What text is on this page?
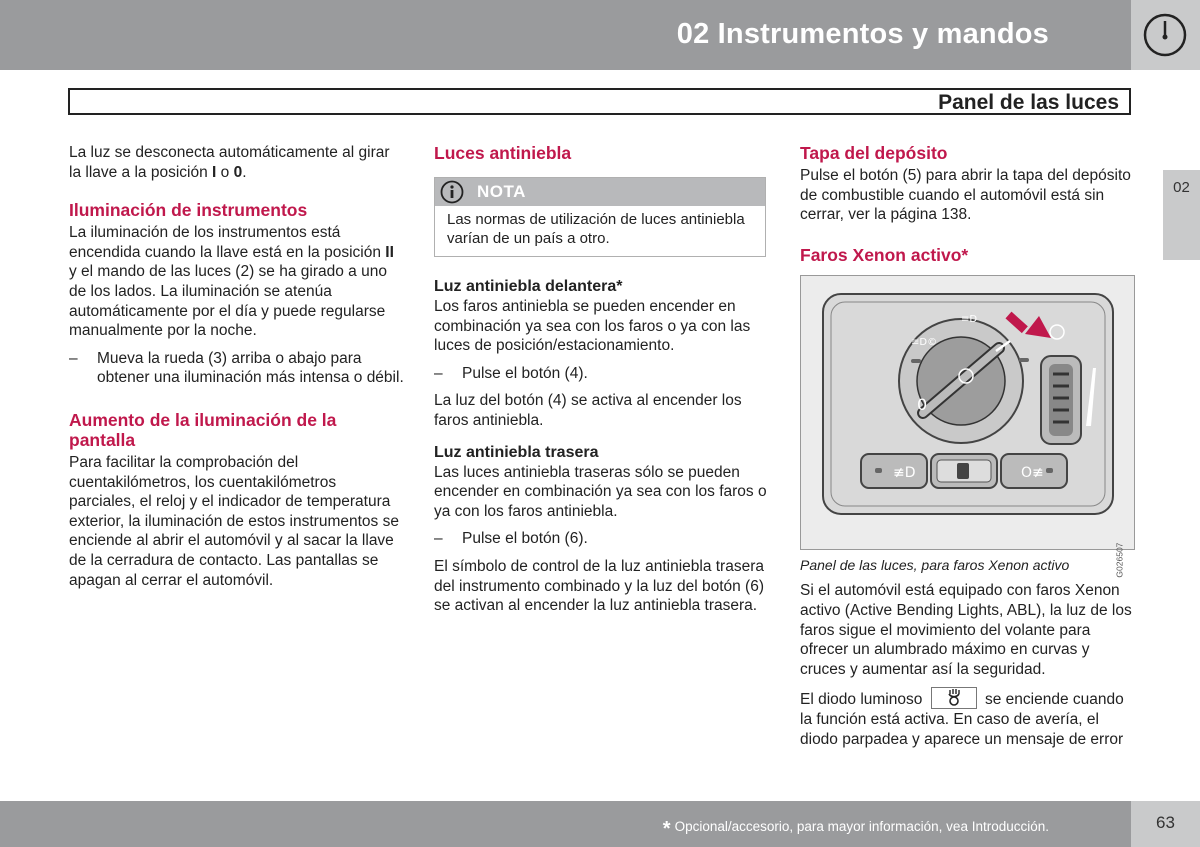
02 Instrumentos y mandos
Panel de las luces
02

La luz se desconecta automáticamente al girar la llave a la posición I o 0.

Iluminación de instrumentos

La iluminación de los instrumentos está encendida cuando la llave está en la posición II y el mando de las luces (2) se ha girado a uno de los lados. La iluminación se atenúa automáticamente por el día y puede regularse manualmente por la noche.

–	Mueva la rueda (3) arriba o abajo para obtener una iluminación más intensa o débil.
Aumento de la iluminación de la pantalla

Para facilitar la comprobación del cuentakilómetros, los cuentakilómetros parciales, el reloj y el indicador de temperatura exterior, la iluminación de estos instrumentos se enciende al abrir el automóvil y al sacar la llave de la cerradura de contacto. Las pantallas se apagan al cerrar el automóvil.

Luces antiniebla
NOTA
Las normas de utilización de luces antiniebla varían de un país a otro.
Luz antiniebla delantera*

Los faros antiniebla se pueden encender en combinación ya sea con los faros o ya con las luces de posición/estacionamiento.

–	Pulse el botón (4).

La luz del botón (4) se activa al encender los faros antiniebla.

Luz antiniebla trasera

Las luces antiniebla traseras sólo se pueden encender en combinación ya sea con los faros o ya con los faros antiniebla.

–	Pulse el botón (6).

El símbolo de control de la luz antiniebla trasera del instrumento combinado y la luz del botón (6) se activan al encender la luz antiniebla trasera.

Tapa del depósito

Pulse el botón (5) para abrir la tapa del depósito de combustible cuando el automóvil está sin cerrar, ver la página 138.

Faros Xenon activo*
≡D©
≡D
0
≢D	O≢
G026507
Panel de las luces, para faros Xenon activo

Si el automóvil está equipado con faros Xenon activo (Active Bending Lights, ABL), la luz de los faros sigue el movimiento del volante para ofrecer un alumbrado máximo en curvas y cruces y aumentar así la seguridad.

El diodo luminoso	se enciende cuando la función está activa. En caso de avería, el diodo parpadea y aparece un mensaje de error

* Opcional/accesorio, para mayor información, vea Introducción.	63
